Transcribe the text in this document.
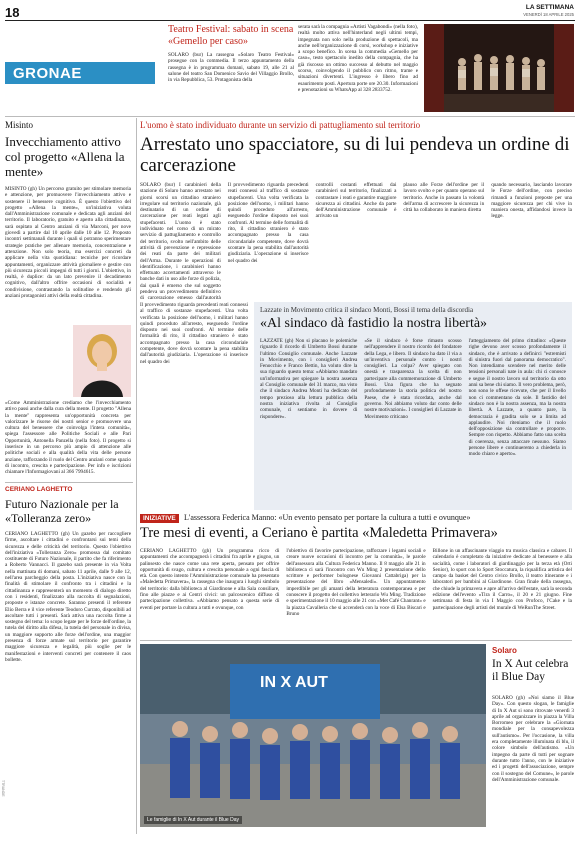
18	LA SETTIMANA
VENERDÌ 18 APRILE 2025
GRONAE
Teatro Festival: sabato in scena «Gemello per caso»
SOLARO (bur) La rassegna «Solaro Teatro Festival» prosegue con la commedia. Il terzo appuntamento della rassegna è in programma domani, sabato 19, alle 21 al salone del teatro San Domenico Savio del Villaggio Brollo, in via Repubblica, 53. Protagonista della
serata sarà la compagnia «Artisti Vagabondi» (nella foto), realtà molto attiva nell'hinterland negli ultimi tempi, impegnata non solo nella produzione di spettacoli, ma anche nell'organizzazione di corsi, workshop e iniziative a scopo benefico. In scena la commedia «Gemello per caso», testo spettacolo inedito della compagnia, che ha già riscosso un ottimo successo al debutto nel maggio scorso, coinvolgendo il pubblico con ritmo, trame e situazioni divertenti. L'ingresso è libero fino ad esaurimento posti. Apertura porte ore 20.30. Informazioni e prenotazioni su WhatsApp al 328 2833752.
Misinto
Invecchiamento attivo col progetto «Allena la mente»
MISINTO (gh) Un percorso gratuito per stimolare memoria e attenzione, per promuovere l'invecchiamento attivo e sostenere il benessere cognitivo. È questo l'obiettivo del progetto «Allena la mente», un'iniziativa voluta dall'Amministrazione comunale e dedicata agli anziani del territorio. Il laboratorio, gratuito e aperto alla cittadinanza, sarà ospitato al Centro anziani di via Marconi, per nove giovedì a partire dal 10 aprile dalle 10 alle 12. Proposto incontri settimanali durante i quali si potranno sperimentare strategie pratiche per allenare memoria, concentrazione e attenzione. Non solo teoria, ma esercizi concreti da applicare nella vita quotidiana: tecniche per ricordare appuntamenti, organizzare attività giornaliere e gestire con più sicurezza piccoli impegni di tutti i giorni. L'obiettivo, in realtà, è duplice: da un lato prevenire il decadimento cognitivo, dall'altro offrire occasioni di socialità e condivisione, contrastando la solitudine e rendendo gli anziani protagonisti attivi della realtà cittadina.
«Come Amministrazione crediamo che l'invecchiamento attivo passi anche dalla cura della mente. Il progetto "Allena la mente" rappresenta un'opportunità concreta per valorizzare le risorse dei nostri senior e promuovere una cultura del benessere che coinvolga l'intera comunità», spiega l'assessore alle Politiche Sociali e alle Pari Opportunità, Antonella Panzella (nella foto). Il progetto si inserisce in un percorso più ampio di attenzione alle politiche sociali e alla qualità della vita delle persone anziane, rafforzando il ruolo del Centro anziani come spazio di incontro, crescita e partecipazione. Per info e iscrizioni chiamare l'Informagiovani al 366 7994615.
CERIANO LAGHETTO
Futuro Nazionale per la «Tolleranza zero»
CERIANO LAGHETTO (gh) Un gazebo per raccogliere firme, ascoltare i cittadini e confrontarsi sui temi della sicurezza e delle criticità del territorio. Questo l'obiettivo dell'iniziativa «Tolleranza Zero» promossa dal comitato costituente di Futuro Nazionale, il partito che fa riferimento a Roberto Vannacci. Il gazebo sarà presente in via Volta nella mattinata di domani, sabato 11 aprile, dalle 9 alle 12, nell'area parcheggio della posta. L'iniziativa nasce con la finalità di stimolare il confronto tra i cittadini e la cittadinanza e rappresenterà un momento di dialogo diretto con i residenti, finalizzato alla raccolta di segnalazioni, proposte e istanze concrete. Saranno presenti il referente Elio Berra e il vice referente Teodoro Currato, disponibili ad ascoltare tutti i presenti. Sarà attiva una raccolta firme a sostegno del tema: lo scopo legate per le forze dell'ordine, la tutela del diritto alla difesa, la tutela del personale in divisa, un maggiore supporto alle forze dell'ordine, una maggior presenza di forze armate sul territorio per garantire maggiore sicurezza e legalità, più soglie per le manifestazioni e interventi concreti per contenere il caos bollette.
L'uomo è stato individuato durante un servizio di pattugliamento sul territorio
Arrestato uno spacciatore, su di lui pendeva un ordine di carcerazione
SOLARO (bur) I carabinieri della stazione di Solaro hanno arrestato nei giorni scorsi un cittadino straniero irregolare sul territorio nazionale, già destinatario di un ordine di carcerazione per reati legati agli stupefacenti. L'uomo è stato individuato nel corso di un mirato servizio di pattugliamento e controllo del territorio, svolto nell'ambito delle attività di prevenzione e repressione dei reati da parte dei militari dell'Arma. Durante le operazioni di identificazione, i carabinieri hanno effettuato accertamenti attraverso le banche dati in uso alle forze di polizia, dai quali è emerso che sul soggetto pendeva un provvedimento definitivo di carcerazione emesso dall'autorità
Il provvedimento riguarda precedenti reati connessi al traffico di sostanze stupefacenti. Una volta verificata la posizione dell'uomo, i militari hanno quindi proceduto all'arresto, eseguendo l'ordine disposto nei suoi confronti. Al termine delle formalità di rito, il cittadino straniero è stato accompagnato presso la casa circondariale competente, dove dovrà scontare la pena stabilita dall'autorità giudiziaria. L'operazione si inserisce nel quadro dei
controlli costanti effettuati dai carabinieri sul territorio, finalizzati a contrastare i reati e garantire maggiore sicurezza ai cittadini. Anche da parte dell'Amministrazione comunale è arrivato un
plauso alle Forze dell'ordine per il lavoro svolto e per quanto operano sul territorio. Anche in passato la volontà dell'arma di accrescere la sicurezza in città ha collaborato in maniera diretta
quando necessario, lasciando lavorare le Forze dell'ordine, con preciso rimandi a funzioni preposte per una maggiore sicurezza per chi vive in maniera onesta, affidandosi invece la legge.
Lazzate in Movimento critica il sindaco Monti, Bossi il tema della discordia
«Al sindaco dà fastidio la nostra libertà»
LAZZATE (gh) Non si placano le polemiche riguardo il ricordo di Umberto Bossi durante l'ultimo Consiglio comunale. Anche Lazzate in Movimento, con i consiglieri Andrea Fenocchio e Franco Bettin, ha voluto dire la sua riguardo questo tema: «Abbiamo mandato un'informativa per spiegare la nostra assenza al Consiglio comunale del 31 marzo, ma visto che il sindaco Andrea Monti ha dedicato del tempo prezioso alla lettura pubblica della nostra iniziativa rivolta al Consiglio comunale, ci sentiamo in dovere di rispondere».
«Se il sindaco è forse rimasto scosso nell'apprendere il nostro ricordo del fondatore della Lega, e libero. Il sindaco ha dato il via a un'inventiva personale contro i nostri consiglieri. La colpa? Aver spiegato con onestà e trasparenza la scelta di non partecipare alla commemorazione di Umberto Bossi. Una figura che ha segnato profondamente la storia politica del nostro Paese, che è stata ricordata, anche dal governo. Noi abbiamo voluto dar conto delle nostre motivazioni». I consiglieri di Lazzate in Movimento criticano
l'atteggiamento del primo cittadino: «Queste righe devono aver scosso profondamente il sindaco, che è arrivato a definirci "estremisti di sinistra fuori dal panorama democratico". Non intendiamo scendere nel merito delle tensioni personali nate in aula: chi ci conosce e segue il nostro lavoro sul territorio da otto anni sa bene chi siamo. Il vero problema, però, non sono le offese ricevute, che per il livello non ci commentano da sole. Il fastidio del sindaco non è la nostra assenza, ma la nostra libertà. A Lazzate, a quanto pare, la democrazia è gradita solo se a limita ad applaudire. Noi riteniamo che il ruolo dell'opposizione sia controllare e proporre. Sempre con rispetto. Abbiamo fatto una scelta di coerenza, senza attaccare nessuno. Siamo persone libere e continueremo a chiederla in modo chiaro e aperto».
Il provvedimento riguarda precedenti reati connessi al traffico di sostanze stupefacenti. Una volta verificata la posizione dell'uomo, i militari hanno quindi proceduto all'arresto, eseguendo l'ordine disposto nei suoi confronti. Al termine delle formalità di rito, il cittadino straniero è stato accompagnato presso la casa circondariale competente, dove dovrà scontare la pena stabilita dall'autorità giudiziaria. L'operazione si inserisce nel quadro dei
INIZIATIVE	L'assessora Federica Manno: «Un evento pensato per portare la cultura a tutti e ovunque»
Tre mesi di eventi, a Ceriano è partita «Maledetta Primavera»
CERIANO LAGHETTO (gh) Un programma ricco di appuntamenti che accompagnerà i cittadini fra aprile e giugno, un palinsesto che nasce come una rete aperta, pensato per offrire opportunità di svago, cultura e crescita personale a ogni fascia di età. Con questo intento l'Amministrazione comunale ha presentato «Maledetta Primavera», la rassegna che inaugura i luoghi simbolo del territorio: dalla biblioteca al Giardinone e alla Sala consiliare, fino alle piazze e ai Centri civici: un palcoscenico diffuso di partecipazione collettiva. «Abbiamo pensato a questa serie di eventi per portare la cultura a tutti e ovunque, con
l'obiettivo di favorire partecipazione, rafforzare i legami sociali e creare nuove occasioni di incontro per la comunità», le parole dell'assessora alla Cultura Federica Manno. Il 8 maggio alle 21 in biblioteca ci sarà l'incontro con Wu Ming 2 presentazione dello scrittore e performer bolognese Giovanni Cattabriga) per la presentazione del libro «Mensaledi». Un appuntamento imperdibile per gli amanti della letteratura contemporanea e per conoscere il progetto del collettivo letterario Wu Ming. Tradizione e sperimentazione il 10 maggio alle 21 con «Met Café Chanrant» e la piazza Cavalleria che si accenderà con la voce di Elsa Biscari e Bruno
Billone in un affascinante viaggio tra musica classica e cabaret. Il calendario è completato da iniziative dedicate al benessere e alla socialità, come i laboratori di giardinaggio per la terza età (Orti Senior), lo sport con lo Sport Stoccatura, la riqualifica artistica del campo da basket del Centro civico Brollo, il teatro itinerante e i laboratori per bambini al Giardinone. Gran finale della rassegna, che chiude la primavera e apre all'arrivo dell'estate, sarà la seconda edizione dell'evento «Tira il Carro», il 20 e 21 giugno. Fine settimana di festa in via I Maggio con Profoco, l'Cake e la partecipazione degli artisti del murale di WeRunThe Street.
IN X AUT
Le famiglie di In X Aut durante il Blue Day
Solaro
In X Aut celebra il Blue Day
SOLARO (gh) «Noi siamo il Blue Day». Con questo slogan, le famiglie di In X Aut si sono ritrovate venerdì 3 aprile ad organizzare in piazza la Villa Borromeo per celebrare la «Giornata mondiale per la consapevolezza sull'autismo». Per l'occasione, la villa era completamente illuminata di blu, il colore simbolo dell'autismo. «Un impegno da parte di tutti per sognare durante tutto l'anno, con le iniziative ed i progetti dell'associazione, sempre con il sostegno del Comune», le parole dell'Amministrazione comunale.
TTRANDE
